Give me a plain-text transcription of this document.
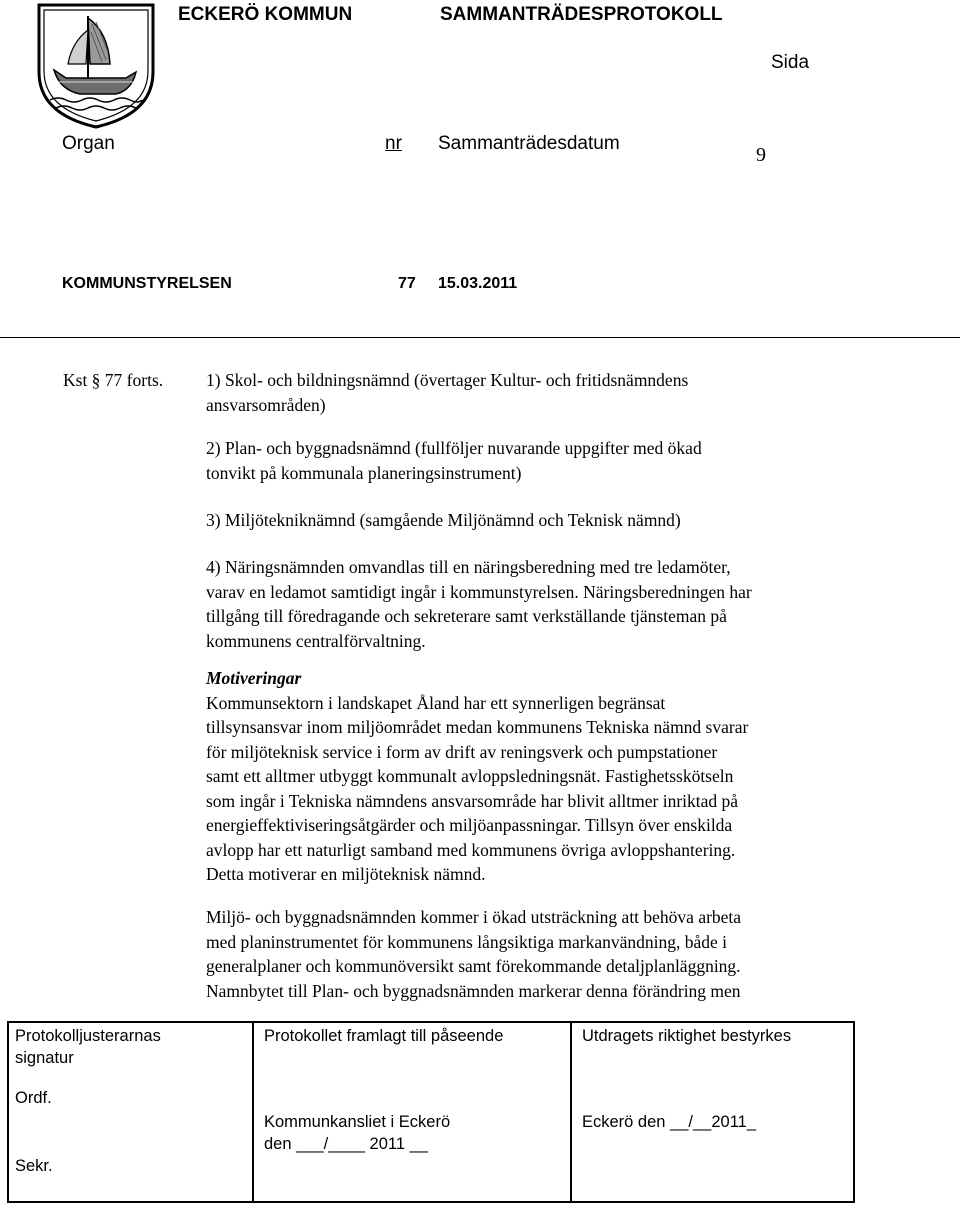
ECKERÖ KOMMUN	SAMMANTRÄDESPROTOKOLL
Sida
Organ	nr Sammanträdesdatum
9
KOMMUNSTYRELSEN	77 15.03.2011
Kst § 77 forts. 1) Skol- och bildningsnämnd (övertager Kultur- och fritidsnämndens
ansvarsområden)
2) Plan- och byggnadsnämnd (fullföljer nuvarande uppgifter med ökad
tonvikt på kommunala planeringsinstrument)
3) Miljötekniknämnd (samgående Miljönämnd och Teknisk nämnd)
4) Näringsnämnden omvandlas till en näringsberedning med tre ledamöter,
varav en ledamot samtidigt ingår i kommunstyrelsen. Näringsberedningen har
tillgång till föredragande och sekreterare samt verkställande tjänsteman på
kommunens centralförvaltning.
Motiveringar
Kommunsektorn i landskapet Åland har ett synnerligen begränsat
tillsynsansvar inom miljöområdet medan kommunens Tekniska nämnd svarar
för miljöteknisk service i form av drift av reningsverk och pumpstationer
samt ett alltmer utbyggt kommunalt avloppsledningsnät. Fastighetsskötseln
som ingår i Tekniska nämndens ansvarsområde har blivit alltmer inriktad på
energieffektiviseringsåtgärder och miljöanpassningar. Tillsyn över enskilda
avlopp har ett naturligt samband med kommunens övriga avloppshantering.
Detta motiverar en miljöteknisk nämnd.
Miljö- och byggnadsnämnden kommer i ökad utsträckning att behöva arbeta
med planinstrumentet för kommunens långsiktiga markanvändning, både i
generalplaner och kommunöversikt samt förekommande detaljplanläggning.
Namnbytet till Plan- och byggnadsnämnden markerar denna förändring men
Protokolljusterarnas
signatur
Ordf.
Sekr.
Protokollet framlagt till påseende
Kommunkansliet i Eckerö
den ___/____ 2011 __
Utdragets riktighet bestyrkes
Eckerö den __/__2011_
